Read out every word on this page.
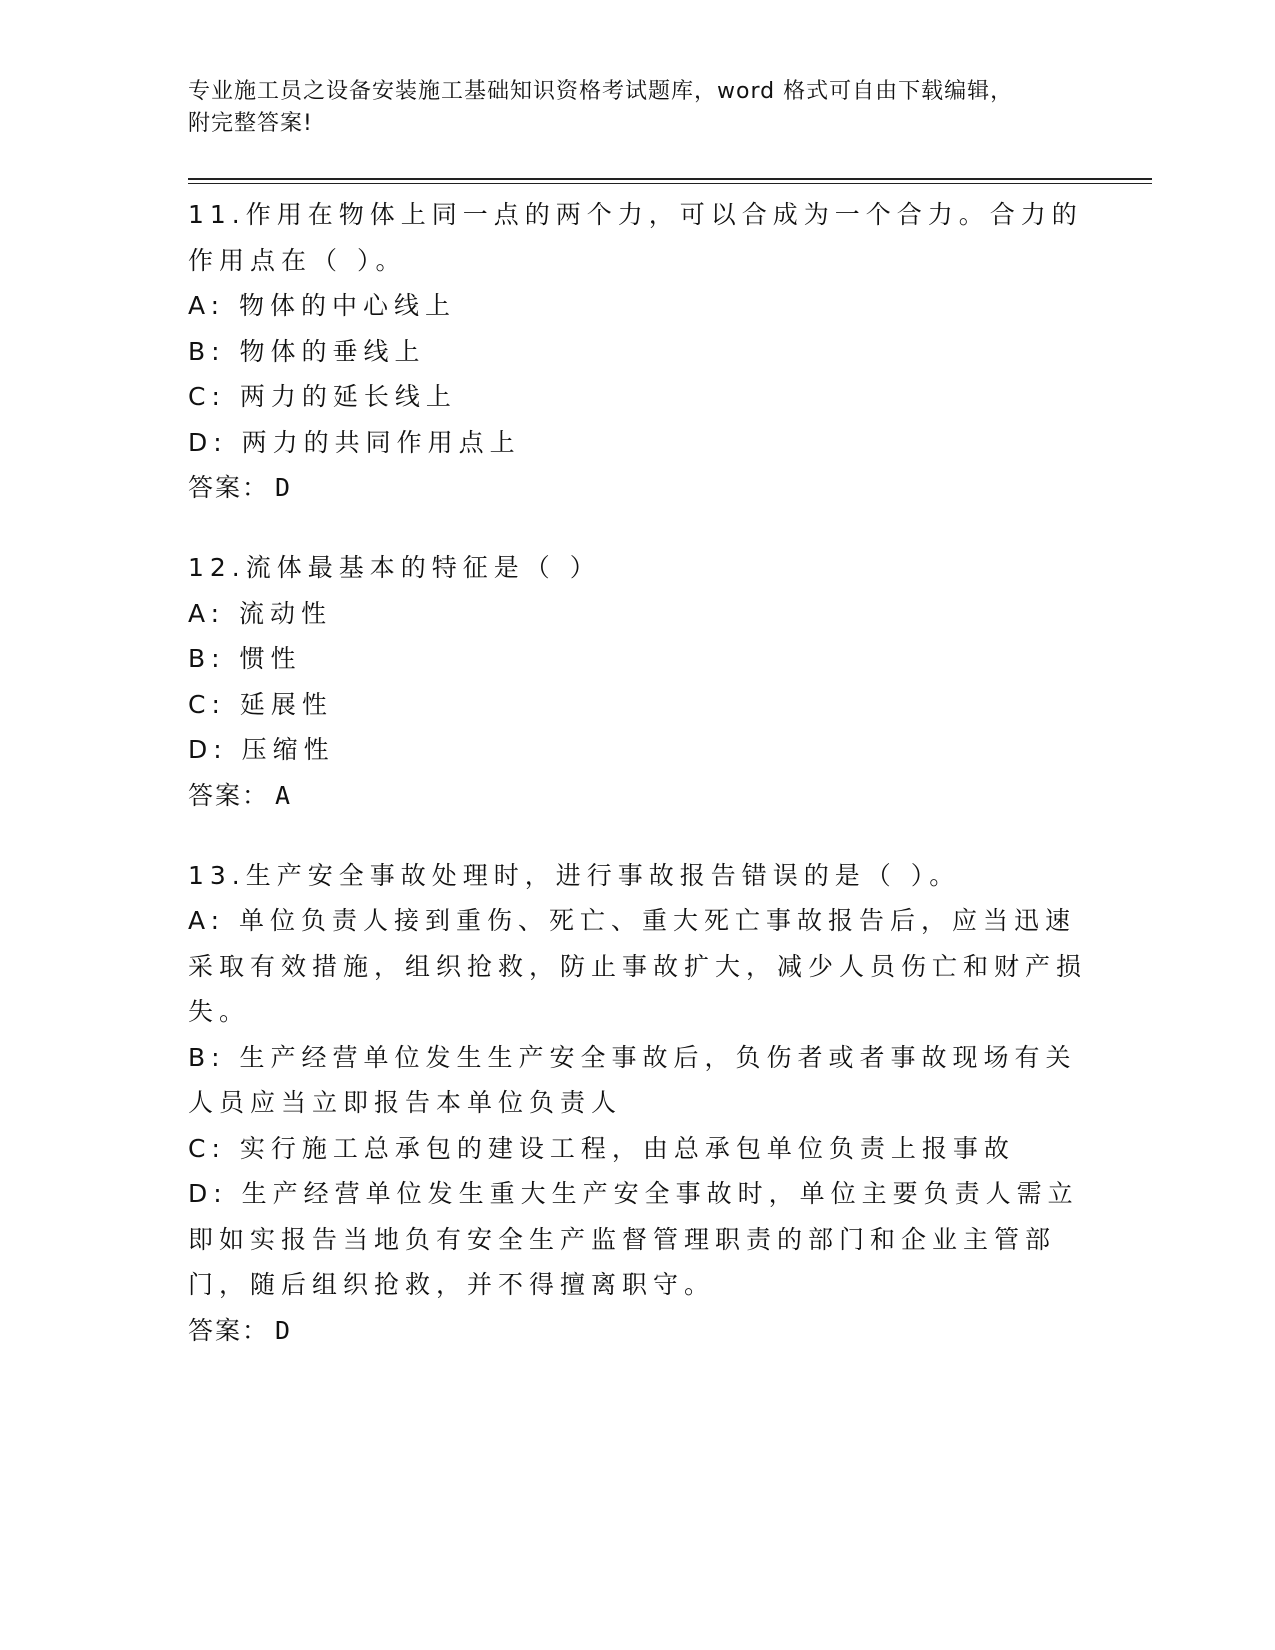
专业施工员之设备安装施工基础知识资格考试题库，word 格式可自由下载编辑，
附完整答案!
11.作用在物体上同一点的两个力，可以合成为一个合力。合力的作用点在（ ）。
A: 物体的中心线上
B: 物体的垂线上
C: 两力的延长线上
D: 两力的共同作用点上
答案： D
12.流体最基本的特征是（ ）
A: 流动性
B: 惯性
C: 延展性
D: 压缩性
答案： A
13.生产安全事故处理时，进行事故报告错误的是（ ）。
A: 单位负责人接到重伤、死亡、重大死亡事故报告后，应当迅速采取有效措施，组织抢救，防止事故扩大，减少人员伤亡和财产损失。
B: 生产经营单位发生生产安全事故后，负伤者或者事故现场有关人员应当立即报告本单位负责人
C: 实行施工总承包的建设工程，由总承包单位负责上报事故
D: 生产经营单位发生重大生产安全事故时，单位主要负责人需立即如实报告当地负有安全生产监督管理职责的部门和企业主管部门，随后组织抢救，并不得擅离职守。
答案： D
